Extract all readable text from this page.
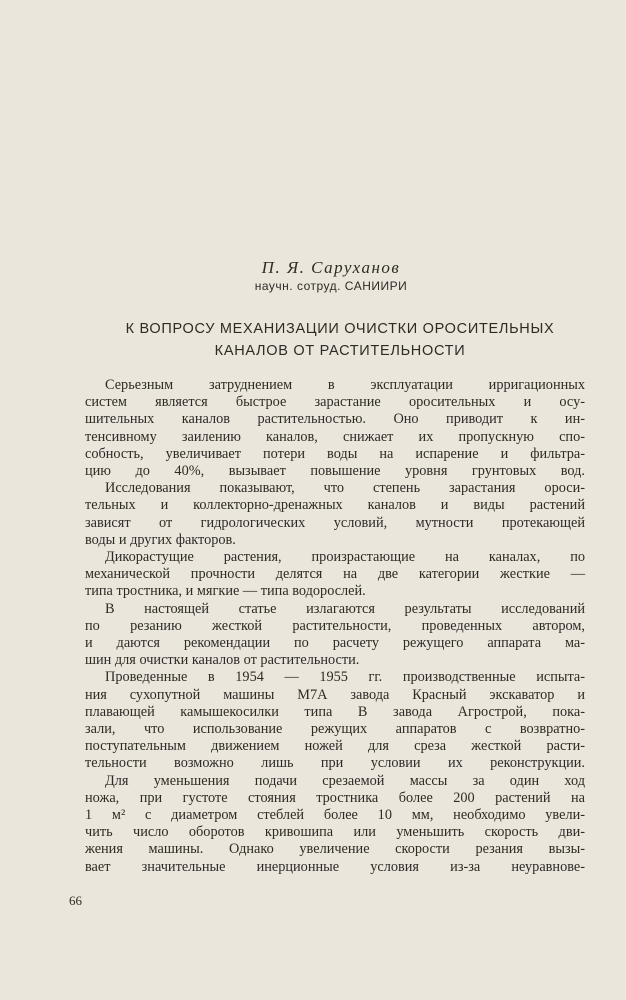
П. Я. Саруханов
научн. сотруд. САНИИРИ
К ВОПРОСУ МЕХАНИЗАЦИИ ОЧИСТКИ ОРОСИТЕЛЬНЫХ
КАНАЛОВ ОТ РАСТИТЕЛЬНОСТИ

Серьезным затруднением в эксплуатации ирригационных
систем является быстрое зарастание оросительных и осу-
шительных каналов растительностью. Оно приводит к ин-
тенсивному заилению каналов, снижает их пропускную спо-
собность, увеличивает потери воды на испарение и фильтра-
цию до 40%, вызывает повышение уровня грунтовых вод.

Исследования показывают, что степень зарастания ороси-
тельных и коллекторно-дренажных каналов и виды растений
зависят от гидрологических условий, мутности протекающей
воды и других факторов.

Дикорастущие растения, произрастающие на каналах, по
механической прочности делятся на две категории жесткие —
типа тростника, и мягкие — типа водорослей.

В настоящей статье излагаются результаты исследований
по резанию жесткой растительности, проведенных автором,
и даются рекомендации по расчету режущего аппарата ма-
шин для очистки каналов от растительности.

Проведенные в 1954 — 1955 гг. производственные испыта-
ния сухопутной машины М7А завода Красный экскаватор и
плавающей камышекосилки типа В завода Агрострой, пока-
зали, что использование режущих аппаратов с возвратно-
поступательным движением ножей для среза жесткой расти-
тельности возможно лишь при условии их реконструкции.

Для уменьшения подачи срезаемой массы за один ход
ножа, при густоте стояния тростника более 200 растений на
1 м² с диаметром стеблей более 10 мм, необходимо увели-
чить число оборотов кривошипа или уменьшить скорость дви-
жения машины. Однако увеличение скорости резания вызы-
вает значительные инерционные условия из-за неуравнове-

66
